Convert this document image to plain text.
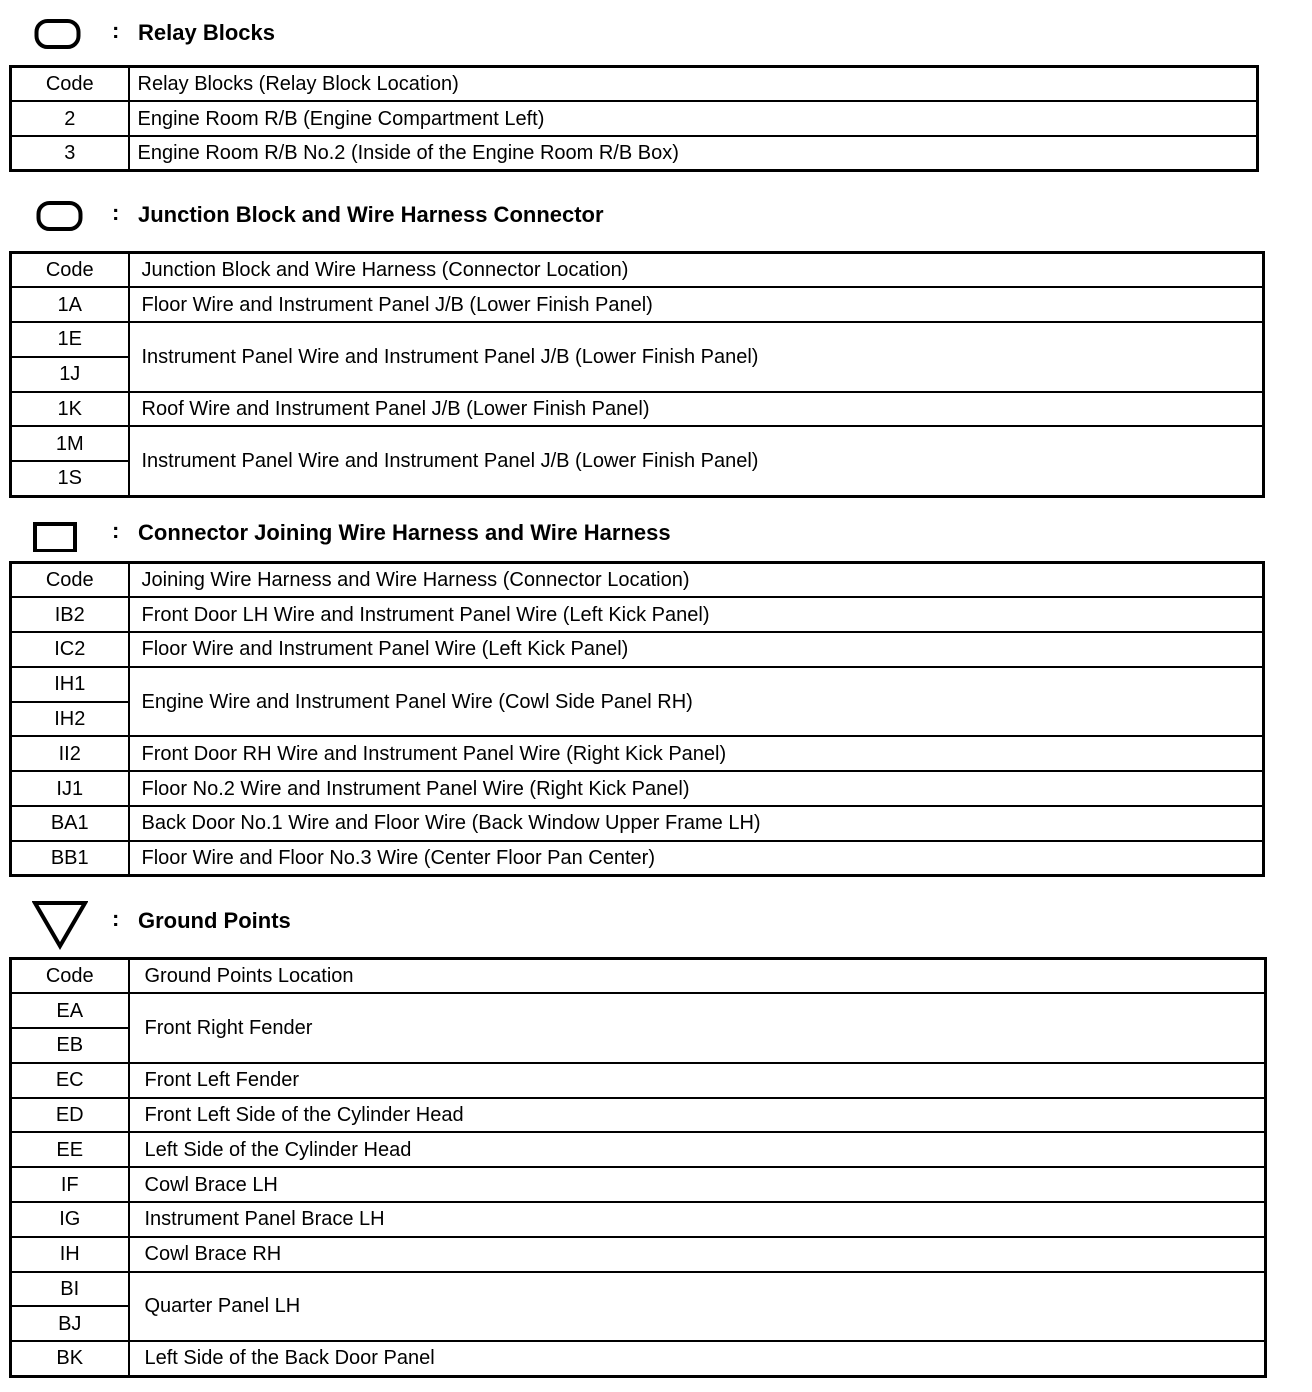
: Relay Blocks
Code	Relay Blocks (Relay Block Location)
2	Engine Room R/B (Engine Compartment Left)
3	Engine Room R/B No.2 (Inside of the Engine Room R/B Box)
: Junction Block and Wire Harness Connector
Code	Junction Block and Wire Harness (Connector Location)
1A	Floor Wire and Instrument Panel J/B (Lower Finish Panel)
1E	Instrument Panel Wire and Instrument Panel J/B (Lower Finish Panel)
1J	
1K	Roof Wire and Instrument Panel J/B (Lower Finish Panel)
1M	Instrument Panel Wire and Instrument Panel J/B (Lower Finish Panel)
1S	
: Connector Joining Wire Harness and Wire Harness
Code	Joining Wire Harness and Wire Harness (Connector Location)
IB2	Front Door LH Wire and Instrument Panel Wire (Left Kick Panel)
IC2	Floor Wire and Instrument Panel Wire (Left Kick Panel)
IH1	Engine Wire and Instrument Panel Wire (Cowl Side Panel RH)
IH2	
II2	Front Door RH Wire and Instrument Panel Wire (Right Kick Panel)
IJ1	Floor No.2 Wire and Instrument Panel Wire (Right Kick Panel)
BA1	Back Door No.1 Wire and Floor Wire (Back Window Upper Frame LH)
BB1	Floor Wire and Floor No.3 Wire (Center Floor Pan Center)
: Ground Points
Code	Ground Points Location
EA	Front Right Fender
EB	
EC	Front Left Fender
ED	Front Left Side of the Cylinder Head
EE	Left Side of the Cylinder Head
IF	Cowl Brace LH
IG	Instrument Panel Brace LH
IH	Cowl Brace RH
BI	Quarter Panel LH
BJ	
BK	Left Side of the Back Door Panel
